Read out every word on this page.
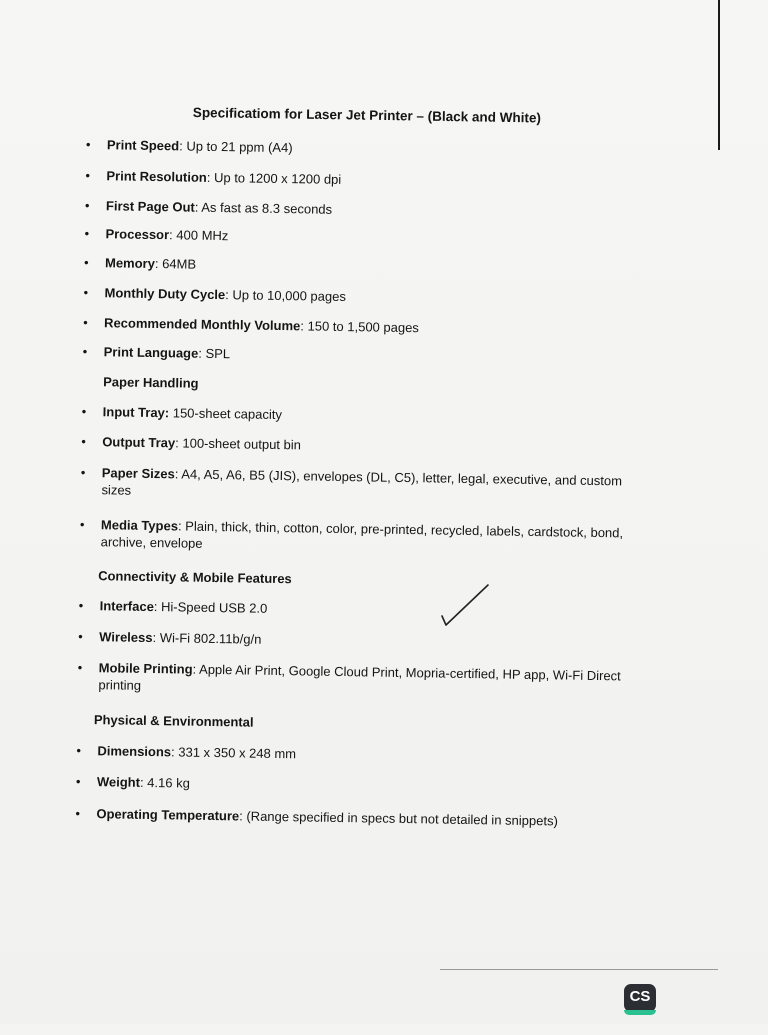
Specificatiom for Laser Jet Printer – (Black and White)
• Print Speed: Up to 21 ppm (A4)
• Print Resolution: Up to 1200 x 1200 dpi
• First Page Out: As fast as 8.3 seconds
• Processor: 400 MHz
• Memory: 64MB
• Monthly Duty Cycle: Up to 10,000 pages
• Recommended Monthly Volume: 150 to 1,500 pages
• Print Language: SPL
Paper Handling
• Input Tray: 150-sheet capacity
• Output Tray: 100-sheet output bin
• Paper Sizes: A4, A5, A6, B5 (JIS), envelopes (DL, C5), letter, legal, executive, and custom sizes
• Media Types: Plain, thick, thin, cotton, color, pre-printed, recycled, labels, cardstock, bond, archive, envelope
Connectivity & Mobile Features
• Interface: Hi-Speed USB 2.0
• Wireless: Wi-Fi 802.11b/g/n
• Mobile Printing: Apple Air Print, Google Cloud Print, Mopria-certified, HP app, Wi-Fi Direct printing
Physical & Environmental
• Dimensions: 331 x 350 x 248 mm
• Weight: 4.16 kg
• Operating Temperature: (Range specified in specs but not detailed in snippets)
CS
